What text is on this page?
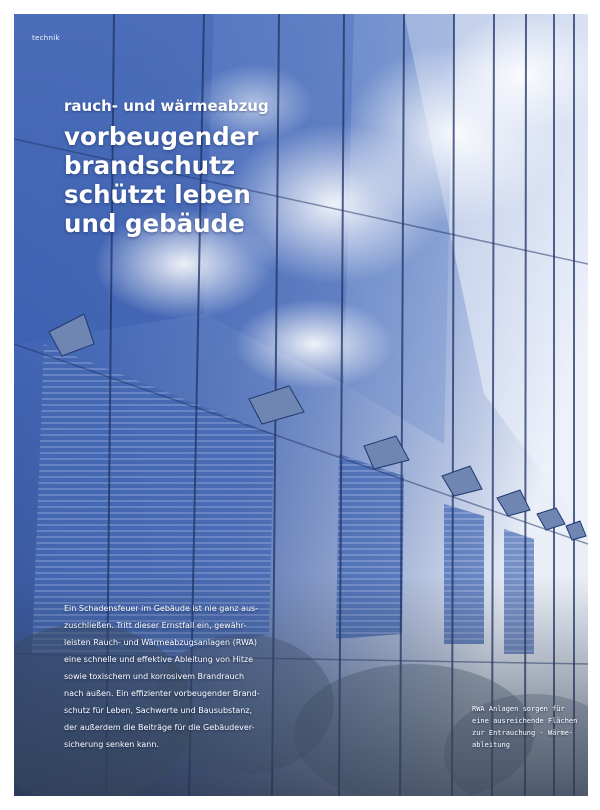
technik
rauch- und wärmeabzug
vorbeugender
brandschutz
schützt leben
und gebäude
Ein Schadensfeuer im Gebäude ist nie ganz aus-
zuschließen. Tritt dieser Ernstfall ein, gewähr-
leisten Rauch- und Wärmeabzugsanlagen (RWA)
eine schnelle und effektive Ableitung von Hitze
sowie toxischem und korrosivem Brandrauch
nach außen. Ein effizienter vorbeugender Brand-
schutz für Leben, Sachwerte und Bausubstanz,
der außerdem die Beiträge für die Gebäudever-
sicherung senken kann.
RWA Anlagen sorgen für
eine ausreichende Flächen
zur Entrauchung - Wärme-
ableitung
